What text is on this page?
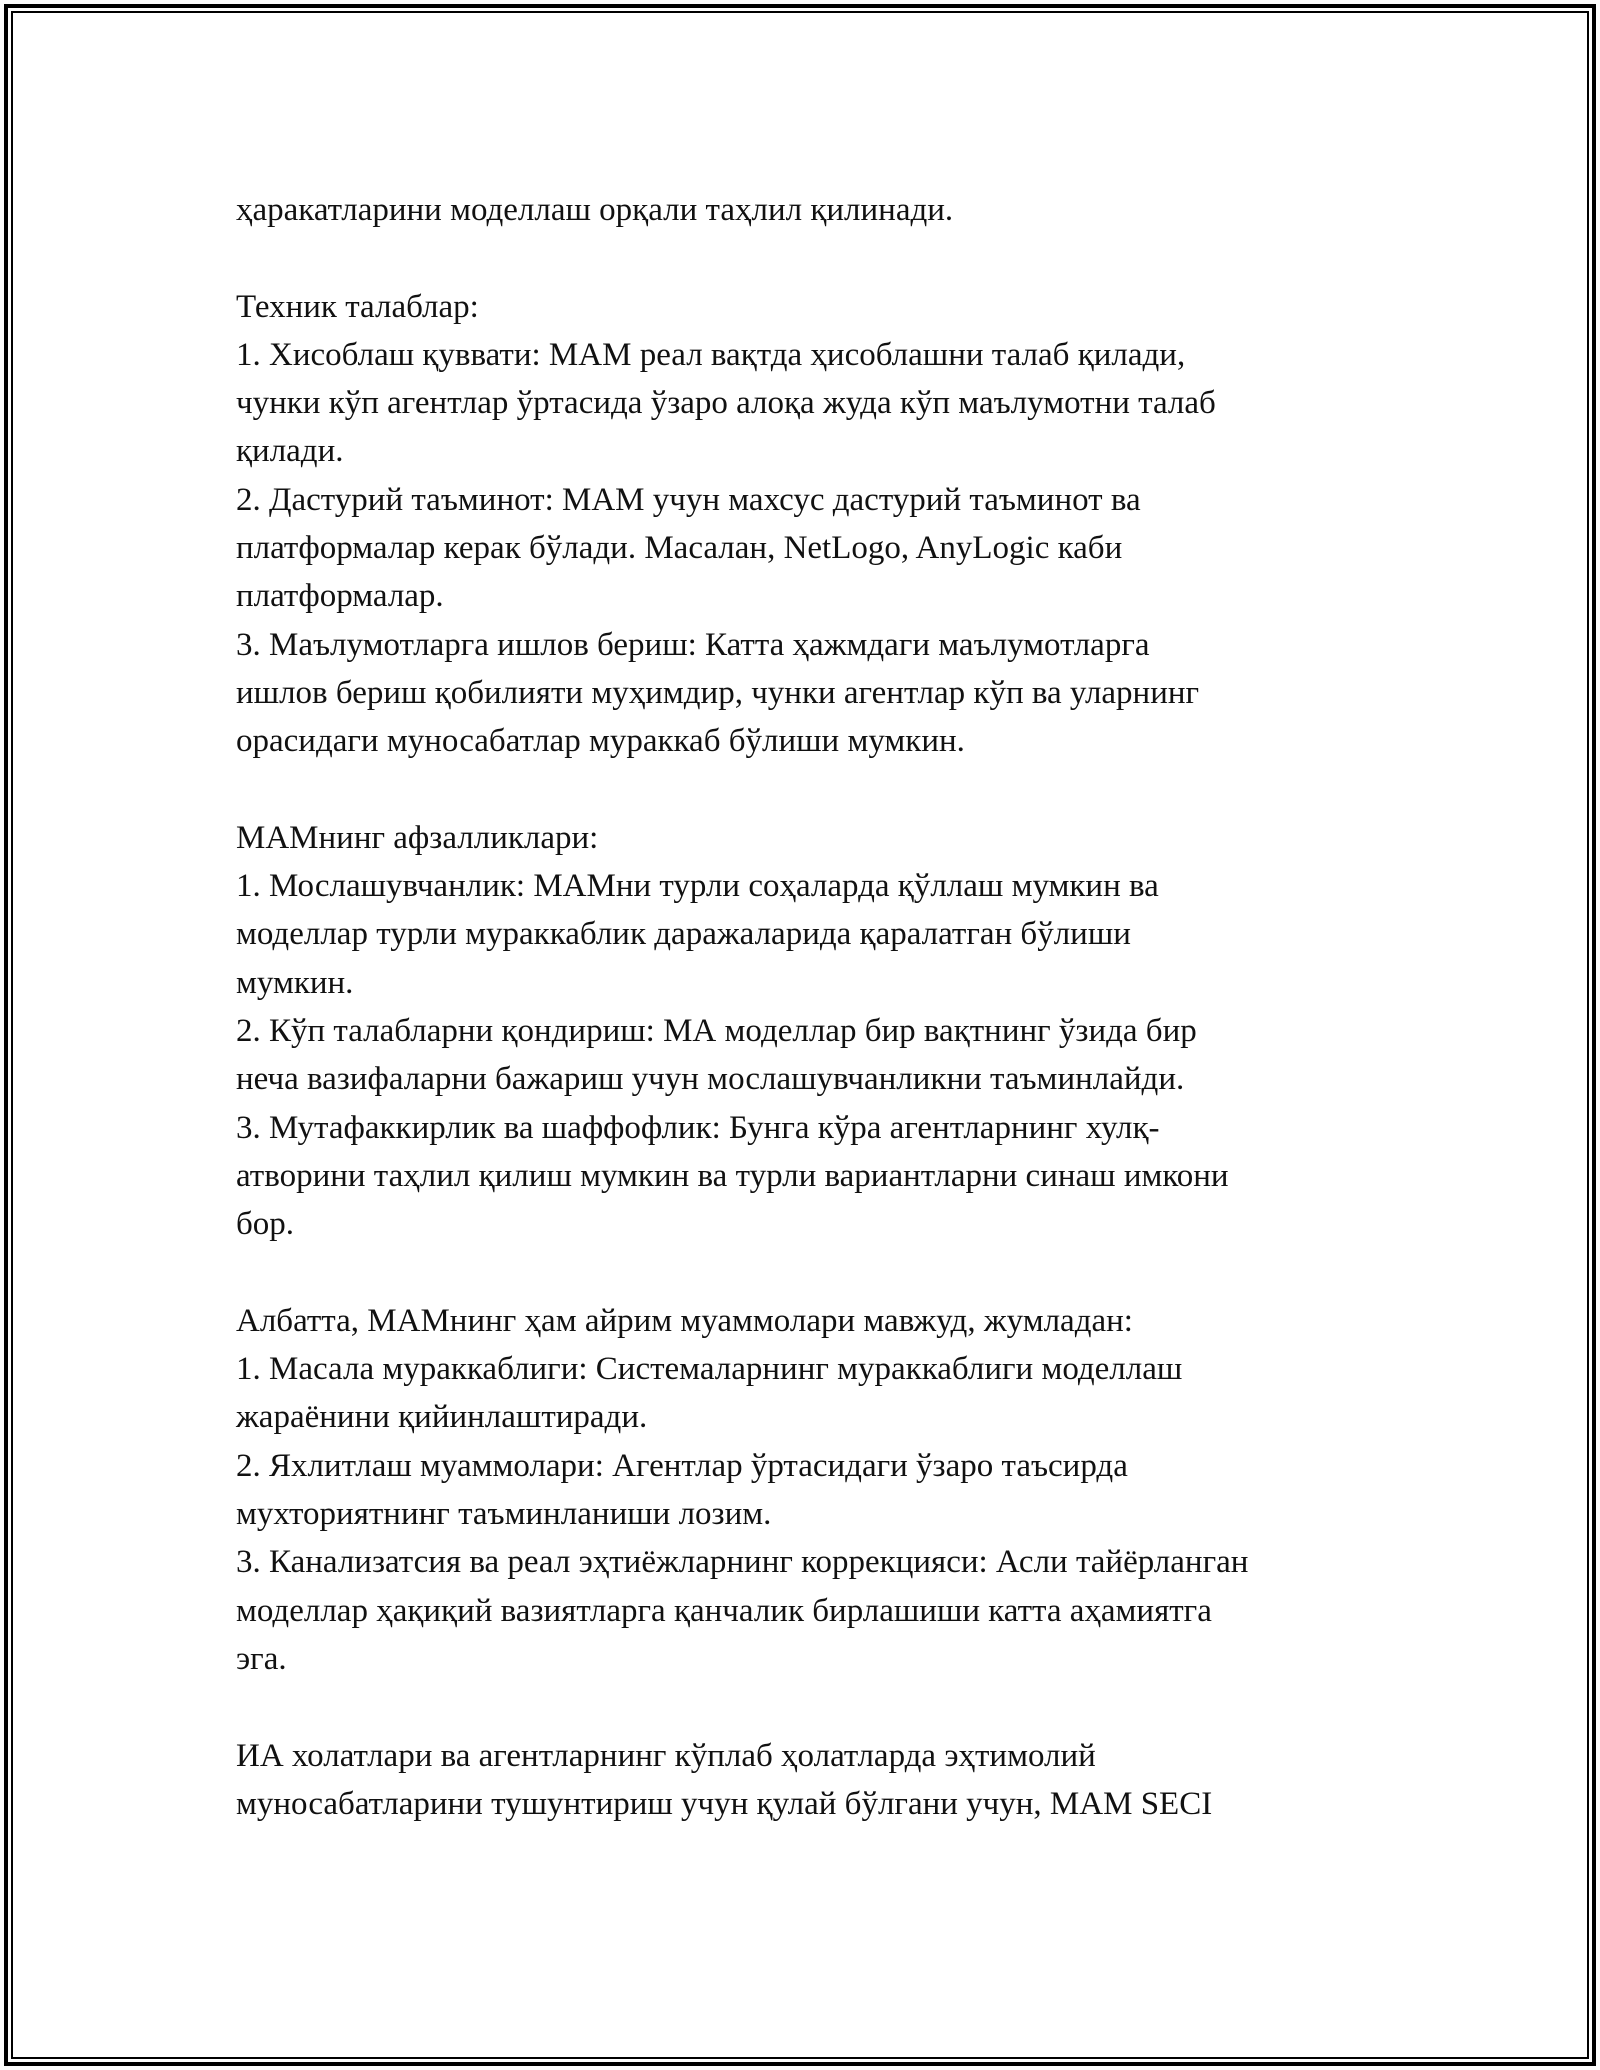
ҳаракатларини моделлаш орқали таҳлил қилинади.
Техник талаблар:
1. Хисоблаш қуввати: МАМ реал вақтда ҳисоблашни талаб қилади,
чунки кўп агентлар ўртасида ўзаро алоқа жуда кўп маълумотни талаб
қилади.
2. Дастурий таъминот: МАМ учун махсус дастурий таъминот ва
платформалар керак бўлади. Масалан, NetLogo, AnyLogic каби
платформалар.
3. Маълумотларга ишлов бериш: Катта ҳажмдаги маълумотларга
ишлов бериш қобилияти муҳимдир, чунки агентлар кўп ва уларнинг
орасидаги муносабатлар мураккаб бўлиши мумкин.
МАМнинг афзалликлари:
1. Мослашувчанлик: МАМни турли соҳаларда қўллаш мумкин ва
моделлар турли мураккаблик даражаларида қаралатган бўлиши
мумкин.
2. Кўп талабларни қондириш: МА моделлар бир вақтнинг ўзида бир
неча вазифаларни бажариш учун мослашувчанликни таъминлайди.
3. Мутафаккирлик ва шаффофлик: Бунга кўра агентларнинг хулқ-
атворини таҳлил қилиш мумкин ва турли вариантларни синаш имкони
бор.
Албатта, МАМнинг ҳам айрим муаммолари мавжуд, жумладан:
1. Масала мураккаблиги: Системаларнинг мураккаблиги моделлаш
жараёнини қийинлаштиради.
2. Яхлитлаш муаммолари: Агентлар ўртасидаги ўзаро таъсирда
мухториятнинг таъминланиши лозим.
3. Канализатсия ва реал эҳтиёжларнинг коррекцияси: Асли тайёрланган
моделлар ҳақиқий вазиятларга қанчалик бирлашиши катта аҳамиятга
эга.
ИА холатлари ва агентларнинг кўплаб ҳолатларда эҳтимолий
муносабатларини тушунтириш учун қулай бўлгани учун, МАМ SECI
